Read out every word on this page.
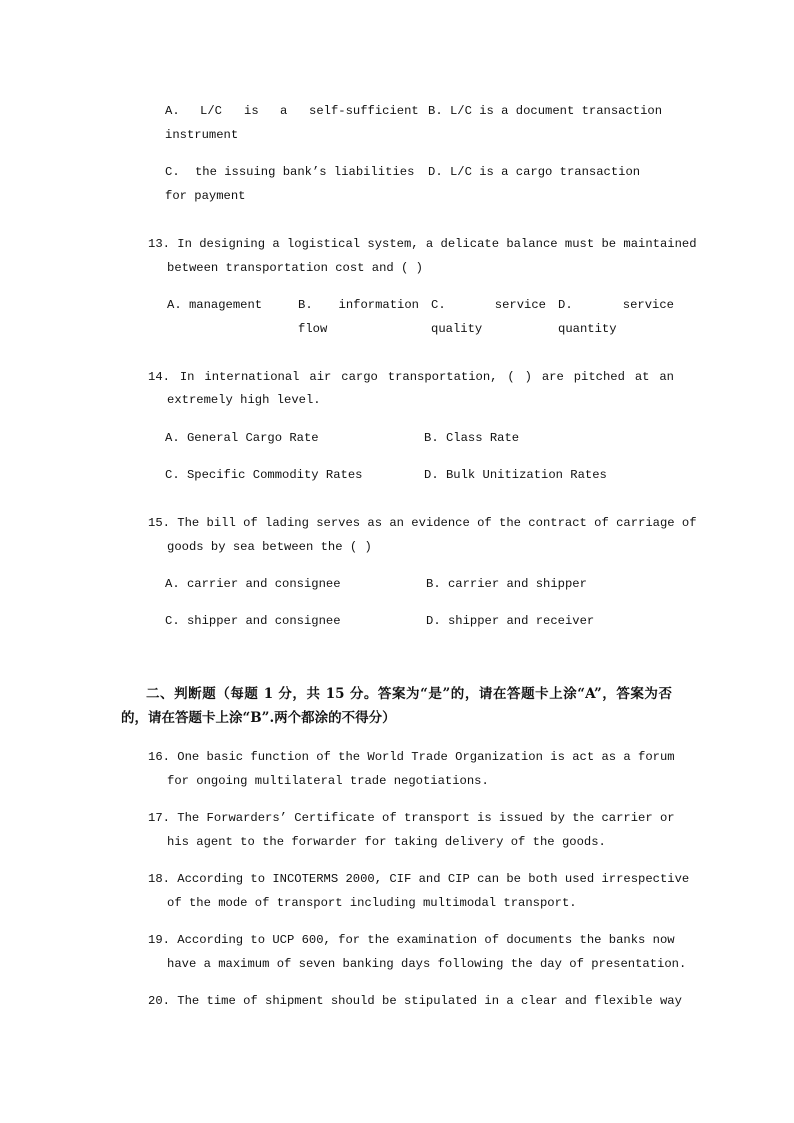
A. L/C is a self-sufficient B. L/C is a document transaction
instrument
C. the issuing bank’s liabilities D. L/C is a cargo transaction
for payment
13. In designing a logistical system, a delicate balance must be maintained
between transportation cost and ( )
A. management	B. information
flow
C.	service
quality
D.	service
quantity
14. In international air cargo transportation, ( ) are pitched at an
extremely high level.
A. General Cargo Rate	B. Class Rate
C. Specific Commodity Rates	D. Bulk Unitization Rates
15. The bill of lading serves as an evidence of the contract of carriage of
goods by sea between the ( )
A. carrier and consignee	B. carrier and shipper
C. shipper and consignee	D. shipper and receiver
二、判断题（每题 1 分，共 15 分。答案为“是”的，请在答题卡上涂“A”，答案为否
的，请在答题卡上涂“B”.两个都涂的不得分）
16. One basic function of the World Trade Organization is act as a forum
for ongoing multilateral trade negotiations.
17. The Forwarders’ Certificate of transport is issued by the carrier or
his agent to the forwarder for taking delivery of the goods.
18. According to INCOTERMS 2000, CIF and CIP can be both used irrespective
of the mode of transport including multimodal transport.
19. According to UCP 600, for the examination of documents the banks now
have a maximum of seven banking days following the day of presentation.
20. The time of shipment should be stipulated in a clear and flexible way
